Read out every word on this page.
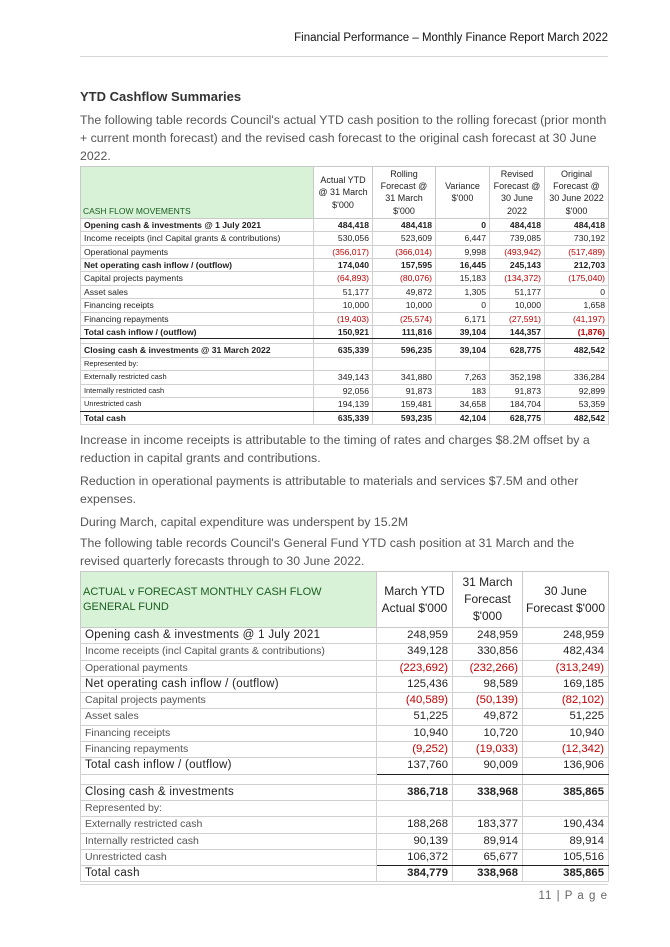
Financial Performance – Monthly Finance Report March 2022
YTD Cashflow Summaries
The following table records Council's actual YTD cash position to the rolling forecast (prior month + current month forecast) and the revised cash forecast to the original cash forecast at 30 June 2022.
CASH FLOW MOVEMENTS	Actual YTD @ 31 March $'000	Rolling Forecast @ 31 March $'000	Variance $'000	Revised Forecast @ 30 June 2022	Original Forecast @ 30 June 2022 $'000
Opening cash & investments @ 1 July 2021	484,418	484,418	0	484,418	484,418
Income receipts (incl Capital grants & contributions)	530,056	523,609	6,447	739,085	730,192
Operational payments	(356,017)	(366,014)	9,998	(493,942)	(517,489)
Net operating cash inflow / (outflow)	174,040	157,595	16,445	245,143	212,703
Capital projects payments	(64,893)	(80,076)	15,183	(134,372)	(175,040)
Asset sales	51,177	49,872	1,305	51,177	0
Financing receipts	10,000	10,000	0	10,000	1,658
Financing repayments	(19,403)	(25,574)	6,171	(27,591)	(41,197)
Total cash inflow / (outflow)	150,921	111,816	39,104	144,357	(1,876)

Closing cash & investments @ 31 March 2022	635,339	596,235	39,104	628,775	482,542
Represented by:					
Externally restricted cash	349,143	341,880	7,263	352,198	336,284
Internally restricted cash	92,056	91,873	183	91,873	92,899
Unrestricted cash	194,139	159,481	34,658	184,704	53,359
Total cash	635,339	593,235	42,104	628,775	482,542
Increase in income receipts is attributable to the timing of rates and charges $8.2M offset by a reduction in capital grants and contributions.
Reduction in operational payments is attributable to materials and services $7.5M and other expenses.
During March, capital expenditure was underspent by 15.2M
The following table records Council's General Fund YTD cash position at 31 March and the revised quarterly forecasts through to 30 June 2022.
ACTUAL v FORECAST MONTHLY CASH FLOW GENERAL FUND	March YTD Actual $'000	31 March Forecast $'000	30 June Forecast $'000
Opening cash & investments @ 1 July 2021	248,959	248,959	248,959
Income receipts (incl Capital grants & contributions)	349,128	330,856	482,434
Operational payments	(223,692)	(232,266)	(313,249)
Net operating cash inflow / (outflow)	125,436	98,589	169,185
Capital projects payments	(40,589)	(50,139)	(82,102)
Asset sales	51,225	49,872	51,225
Financing receipts	10,940	10,720	10,940
Financing repayments	(9,252)	(19,033)	(12,342)
Total cash inflow / (outflow)	137,760	90,009	136,906

Closing cash & investments	386,718	338,968	385,865
Represented by:			
Externally restricted cash	188,268	183,377	190,434
Internally restricted cash	90,139	89,914	89,914
Unrestricted cash	106,372	65,677	105,516
Total cash	384,779	338,968	385,865
11 | P a g e
